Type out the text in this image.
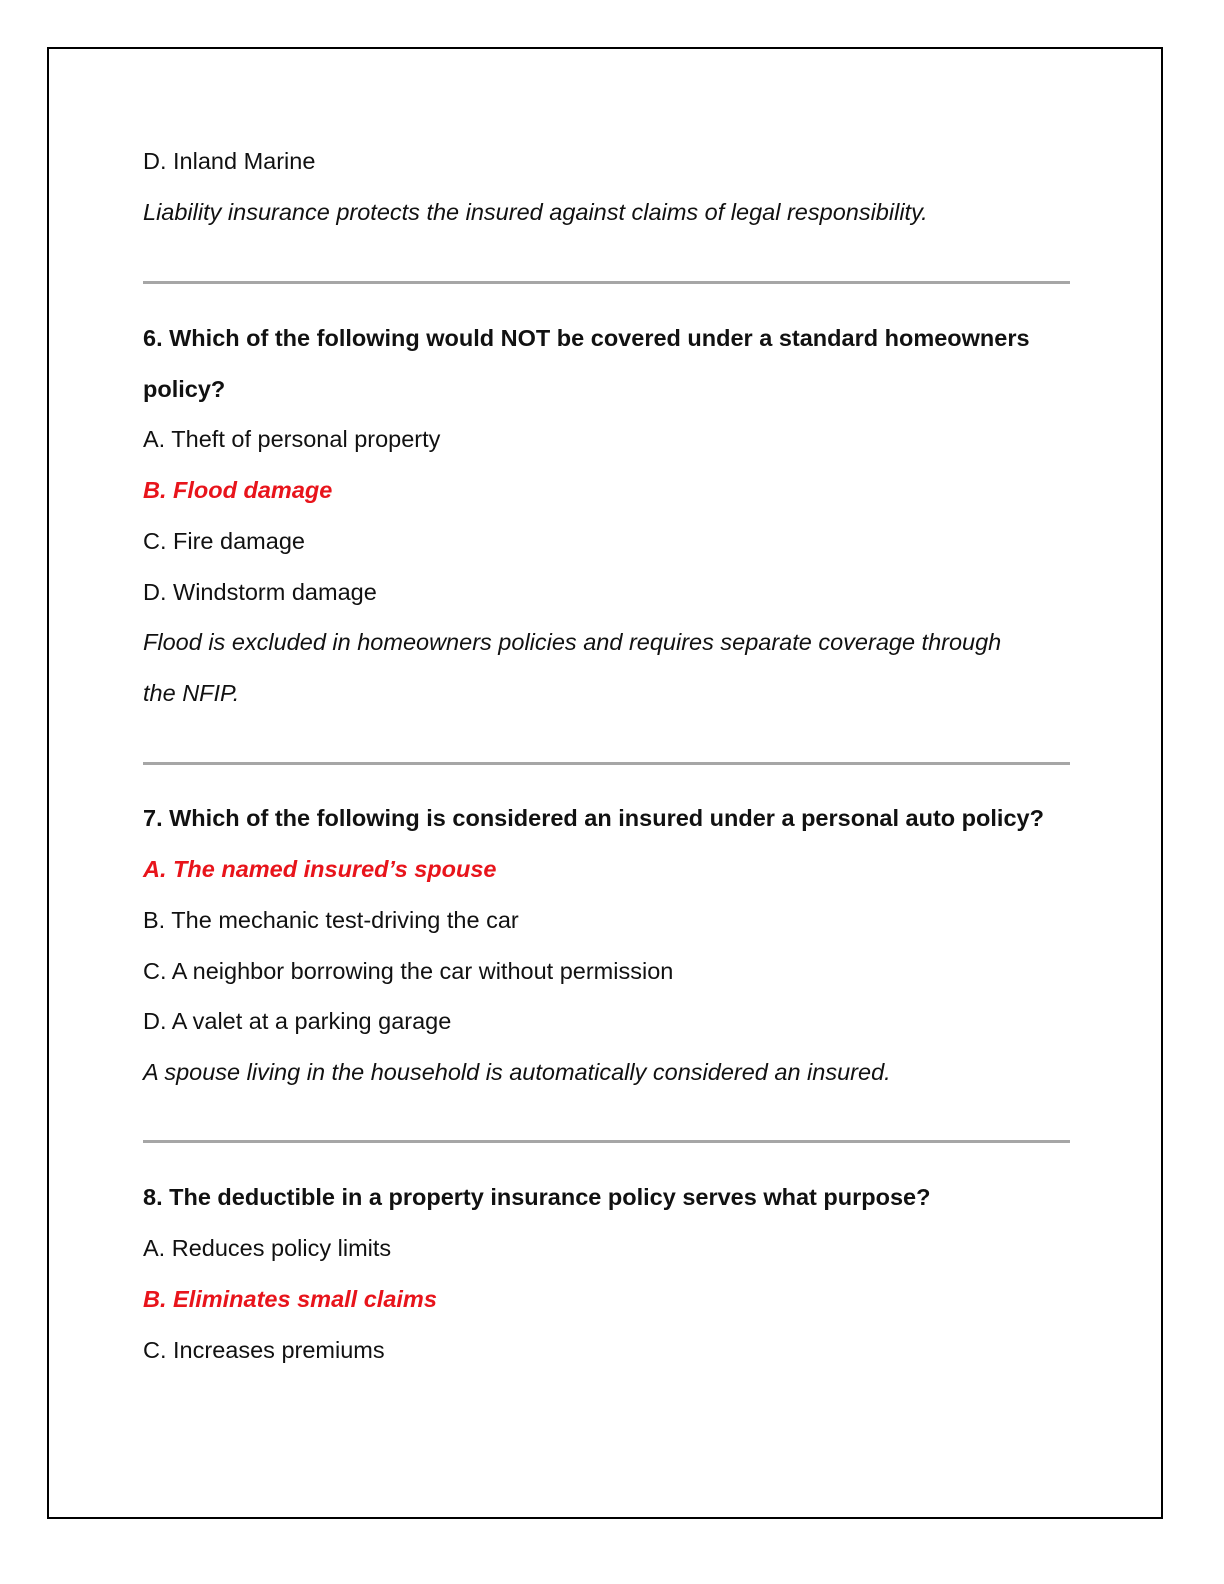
D. Inland Marine
Liability insurance protects the insured against claims of legal responsibility.
6. Which of the following would NOT be covered under a standard homeowners
policy?
A. Theft of personal property
B. Flood damage
C. Fire damage
D. Windstorm damage
Flood is excluded in homeowners policies and requires separate coverage through
the NFIP.
7. Which of the following is considered an insured under a personal auto policy?
A. The named insured’s spouse
B. The mechanic test-driving the car
C. A neighbor borrowing the car without permission
D. A valet at a parking garage
A spouse living in the household is automatically considered an insured.
8. The deductible in a property insurance policy serves what purpose?
A. Reduces policy limits
B. Eliminates small claims
C. Increases premiums
